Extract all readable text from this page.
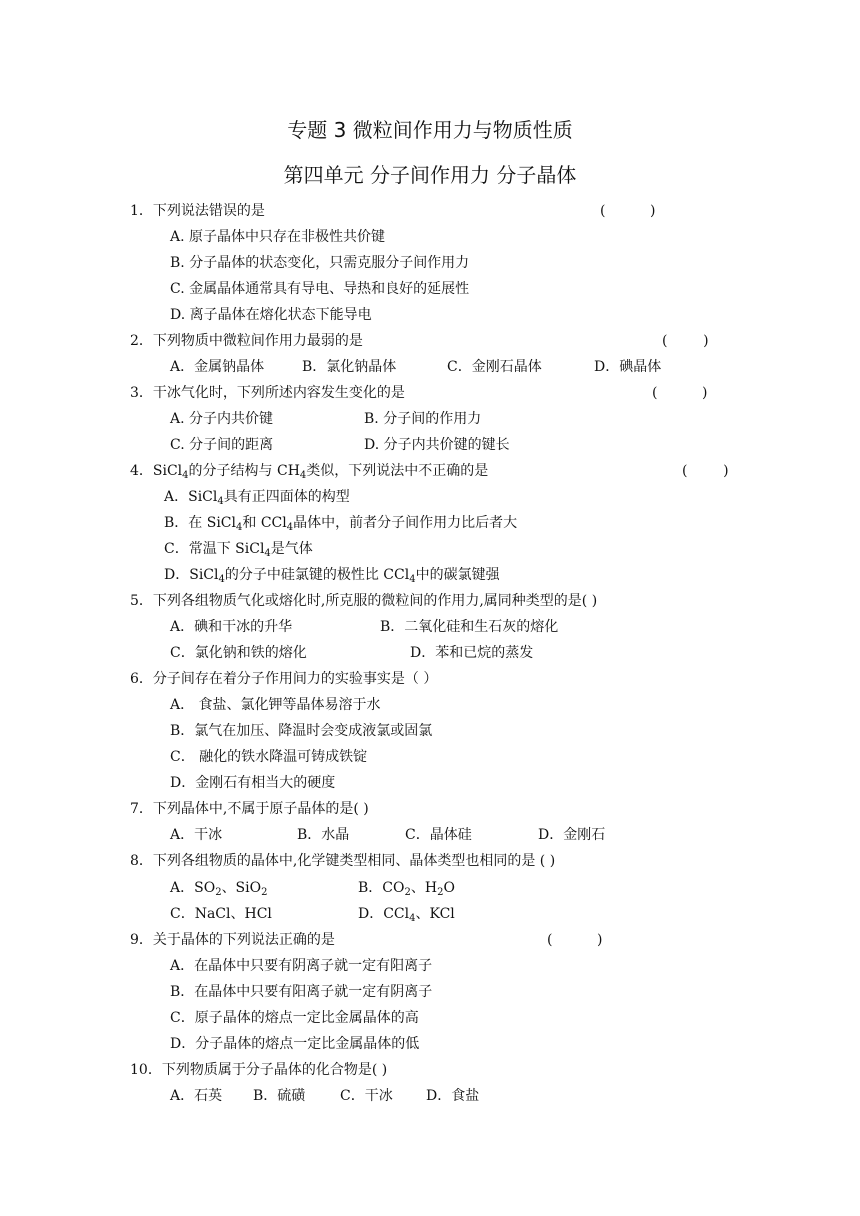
专题 3 微粒间作用力与物质性质
第四单元 分子间作用力 分子晶体
1．下列说法错误的是	(          )
A. 原子晶体中只存在非极性共价键
B. 分子晶体的状态变化，只需克服分子间作用力
C. 金属晶体通常具有导电、导热和良好的延展性
D. 离子晶体在熔化状态下能导电
2．下列物质中微粒间作用力最弱的是	(        )
A．金属钠晶体	B．氯化钠晶体	C．金刚石晶体	D．碘晶体
3．干冰气化时，下列所述内容发生变化的是	(          )
A. 分子内共价键	B. 分子间的作用力
C. 分子间的距离	D. 分子内共价键的键长
4．SiCl$_4$的分子结构与 $CH_4$类似，下列说法中不正确的是	(        )
A．SiCl$_4$具有正四面体的构型
B．在 SiCl$_4$和 CCl$_4$晶体中，前者分子间作用力比后者大
C．常温下 SiCl$_4$是气体
D．SiCl$_4$的分子中硅氯键的极性比 CCl$_4$中的碳氯键强
5．下列各组物质气化或熔化时,所克服的微粒间的作用力,属同种类型的是( )
A．碘和干冰的升华	B．二氧化硅和生石灰的熔化
C．氯化钠和铁的熔化	D．苯和已烷的蒸发
6．分子间存在着分子作用间力的实验事实是（ ）
A． 食盐、氯化钾等晶体易溶于水
B．氯气在加压、降温时会变成液氯或固氯
C． 融化的铁水降温可铸成铁锭
D．金刚石有相当大的硬度
7．下列晶体中,不属于原子晶体的是( )
A．干冰	B．水晶	C．晶体硅	D．金刚石
8．下列各组物质的晶体中,化学键类型相同、晶体类型也相同的是 ( )
A．$SO_2$、SiO$_2$	B．$CO_2$、$H_2O$
C．NaCl、HCl	D．CCl$_4$、KCl
9．关于晶体的下列说法正确的是	(          )
A．在晶体中只要有阴离子就一定有阳离子
B．在晶体中只要有阳离子就一定有阴离子
C．原子晶体的熔点一定比金属晶体的高
D．分子晶体的熔点一定比金属晶体的低
10．下列物质属于分子晶体的化合物是( )
A．石英 B．硫磺 C．干冰 D．食盐
